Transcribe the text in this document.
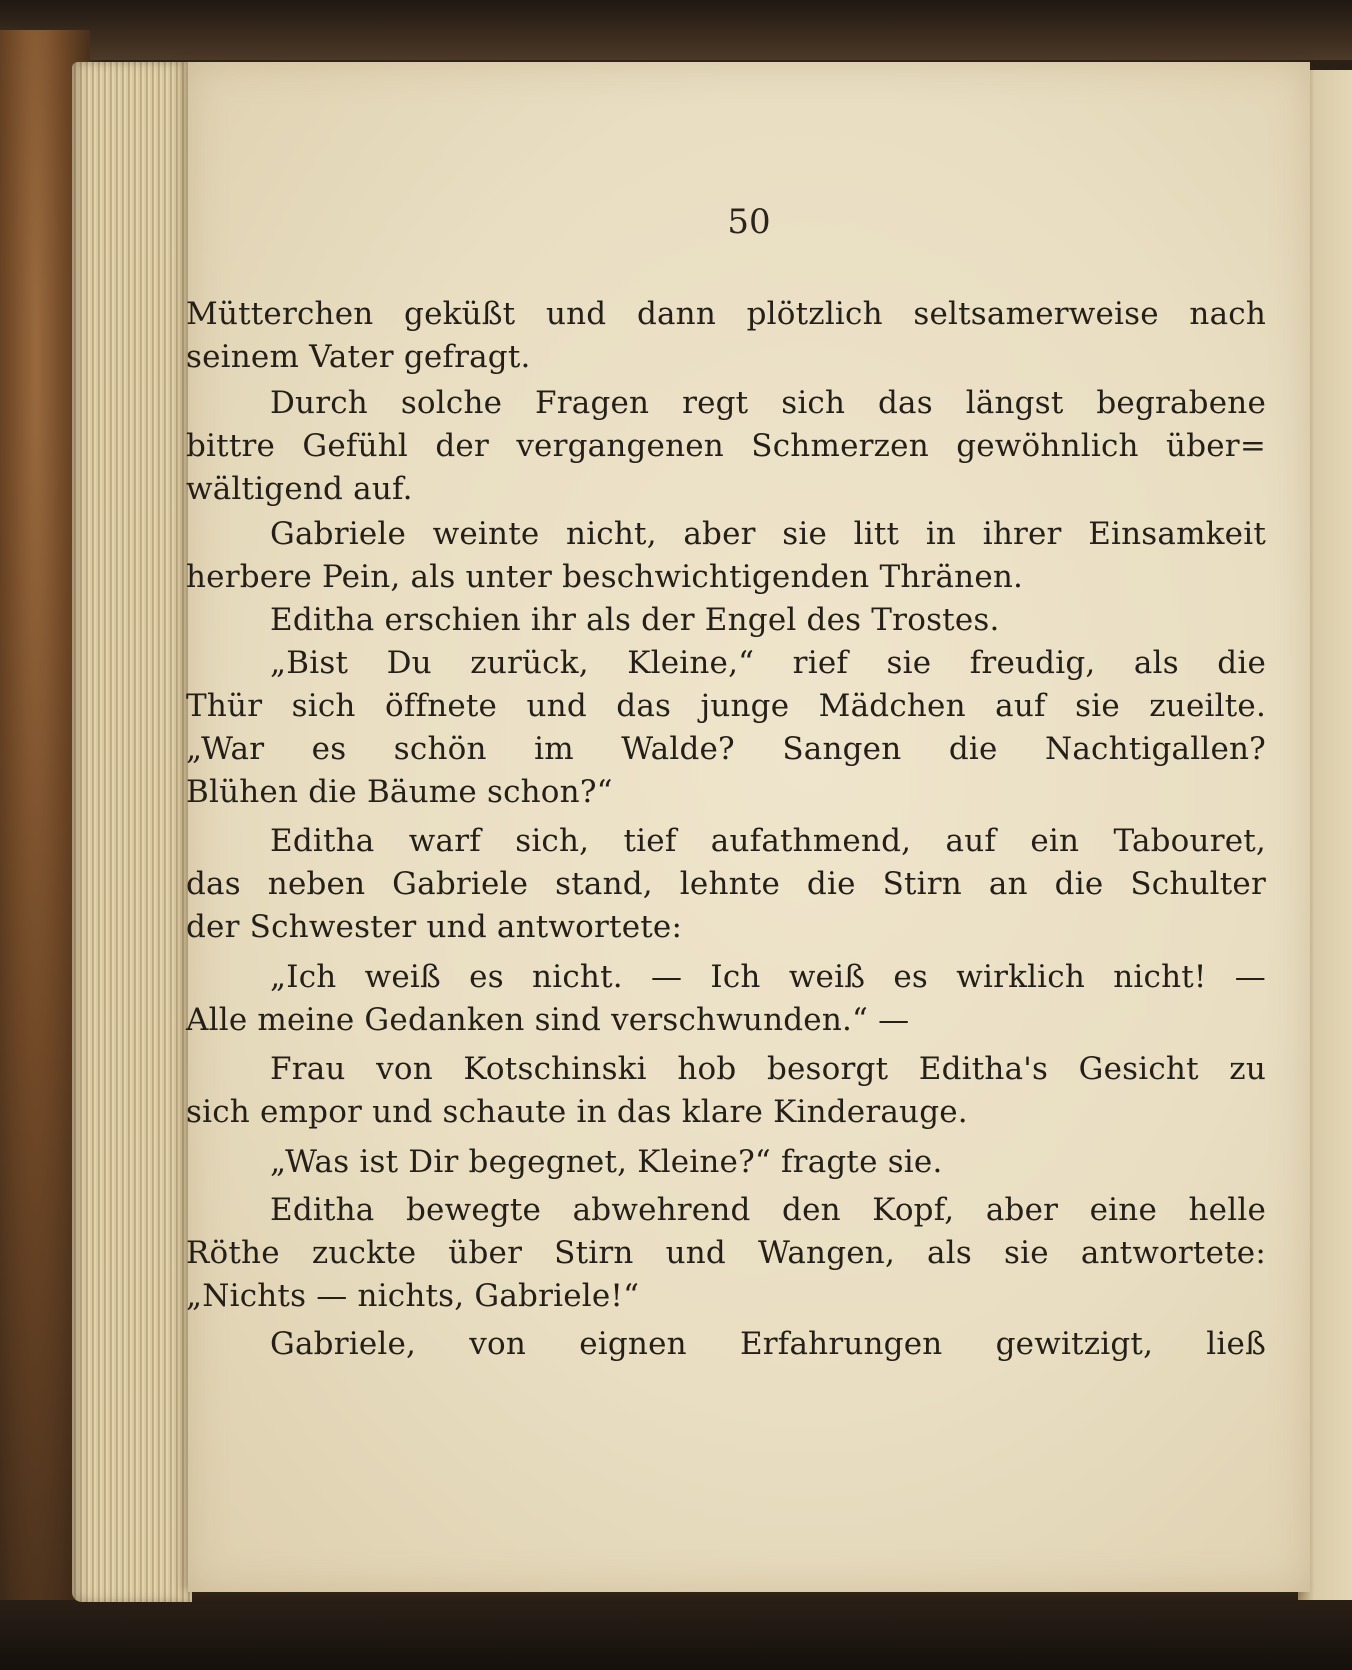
50
Mütterchen geküßt und dann plötzlich seltsamerweise nach
seinem Vater gefragt.
Durch solche Fragen regt sich das längst begrabene
bittre Gefühl der vergangenen Schmerzen gewöhnlich über=
wältigend auf.
Gabriele weinte nicht, aber sie litt in ihrer Einsamkeit
herbere Pein, als unter beschwichtigenden Thränen.
Editha erschien ihr als der Engel des Trostes.
„Bist Du zurück, Kleine,“ rief sie freudig, als die
Thür sich öffnete und das junge Mädchen auf sie zueilte.
„War es schön im Walde? Sangen die Nachtigallen?
Blühen die Bäume schon?“
Editha warf sich, tief aufathmend, auf ein Tabouret,
das neben Gabriele stand, lehnte die Stirn an die Schulter
der Schwester und antwortete:
„Ich weiß es nicht. — Ich weiß es wirklich nicht! —
Alle meine Gedanken sind verschwunden.“ —
Frau von Kotschinski hob besorgt Editha's Gesicht zu
sich empor und schaute in das klare Kinderauge.
„Was ist Dir begegnet, Kleine?“ fragte sie.
Editha bewegte abwehrend den Kopf, aber eine helle
Röthe zuckte über Stirn und Wangen, als sie antwortete:
„Nichts — nichts, Gabriele!“
Gabriele, von eignen Erfahrungen gewitzigt, ließ
